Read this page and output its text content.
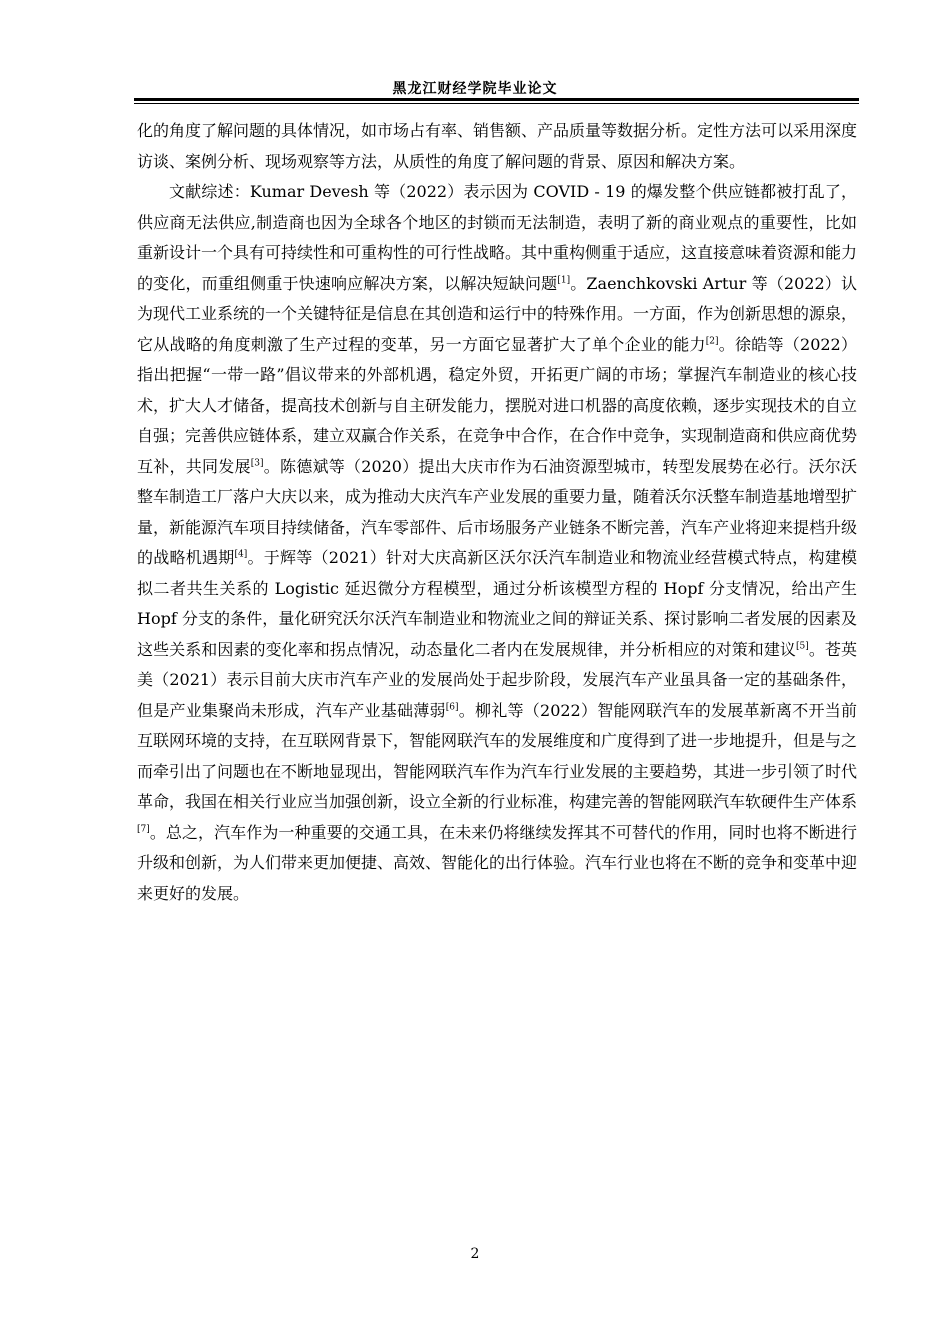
黑龙江财经学院毕业论文

化的角度了解问题的具体情况，如市场占有率、销售额、产品质量等数据分析。定性方法可以采用深度访谈、案例分析、现场观察等方法，从质性的角度了解问题的背景、原因和解决方案。

文献综述：Kumar Devesh 等（2022）表示因为 COVID - 19 的爆发整个供应链都被打乱了，供应商无法供应,制造商也因为全球各个地区的封锁而无法制造，表明了新的商业观点的重要性，比如重新设计一个具有可持续性和可重构性的可行性战略。其中重构侧重于适应，这直接意味着资源和能力的变化，而重组侧重于快速响应解决方案，以解决短缺问题[1]。Zaenchkovski Artur 等（2022）认为现代工业系统的一个关键特征是信息在其创造和运行中的特殊作用。一方面，作为创新思想的源泉，它从战略的角度刺激了生产过程的变革，另一方面它显著扩大了单个企业的能力[2]。徐皓等（2022）指出把握“一带一路”倡议带来的外部机遇，稳定外贸，开拓更广阔的市场；掌握汽车制造业的核心技术，扩大人才储备，提高技术创新与自主研发能力，摆脱对进口机器的高度依赖，逐步实现技术的自立自强；完善供应链体系，建立双赢合作关系，在竞争中合作，在合作中竞争，实现制造商和供应商优势互补，共同发展[3]。陈德斌等（2020）提出大庆市作为石油资源型城市，转型发展势在必行。沃尔沃整车制造工厂落户大庆以来，成为推动大庆汽车产业发展的重要力量，随着沃尔沃整车制造基地增型扩量，新能源汽车项目持续储备，汽车零部件、后市场服务产业链条不断完善，汽车产业将迎来提档升级的战略机遇期[4]。于辉等（2021）针对大庆高新区沃尔沃汽车制造业和物流业经营模式特点，构建模拟二者共生关系的 Logistic 延迟微分方程模型，通过分析该模型方程的 Hopf 分支情况，给出产生 Hopf 分支的条件，量化研究沃尔沃汽车制造业和物流业之间的辩证关系、探讨影响二者发展的因素及这些关系和因素的变化率和拐点情况，动态量化二者内在发展规律，并分析相应的对策和建议[5]。苍英美（2021）表示目前大庆市汽车产业的发展尚处于起步阶段，发展汽车产业虽具备一定的基础条件，但是产业集聚尚未形成，汽车产业基础薄弱[6]。柳礼等（2022）智能网联汽车的发展革新离不开当前互联网环境的支持，在互联网背景下，智能网联汽车的发展维度和广度得到了进一步地提升，但是与之而牵引出了问题也在不断地显现出，智能网联汽车作为汽车行业发展的主要趋势，其进一步引领了时代革命，我国在相关行业应当加强创新，设立全新的行业标准，构建完善的智能网联汽车软硬件生产体系 [7]。总之，汽车作为一种重要的交通工具，在未来仍将继续发挥其不可替代的作用，同时也将不断进行升级和创新，为人们带来更加便捷、高效、智能化的出行体验。汽车行业也将在不断的竞争和变革中迎来更好的发展。

2
